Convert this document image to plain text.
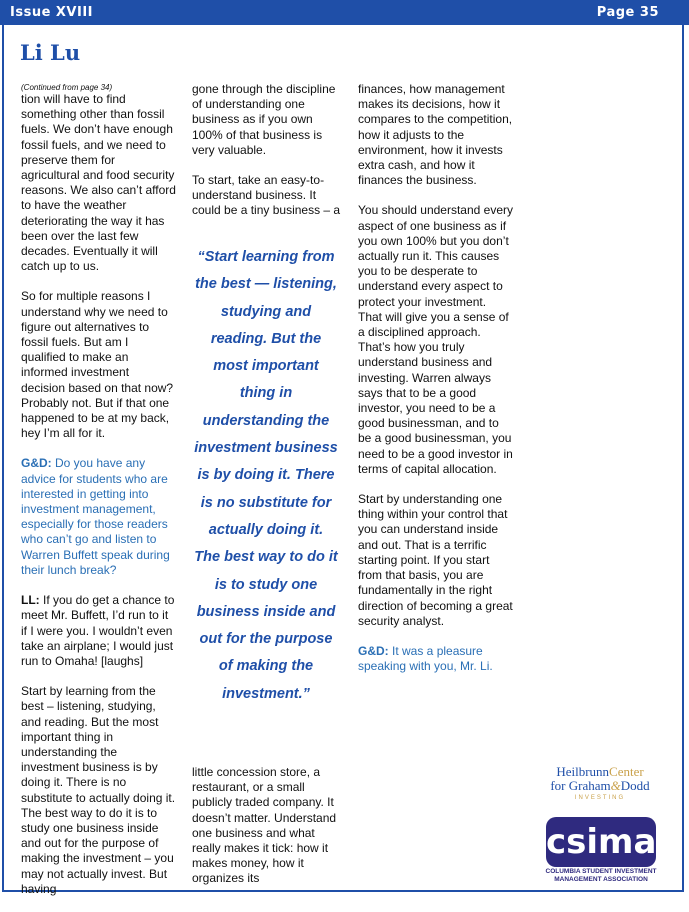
Issue XVIII	Page 35
Li Lu
(Continued from page 34)

tion will have to find something other than fossil fuels. We don’t have enough fossil fuels, and we need to preserve them for agricultural and food security reasons. We also can’t afford to have the weather deteriorating the way it has been over the last few decades. Eventually it will catch up to us.

So for multiple reasons I understand why we need to figure out alternatives to fossil fuels. But am I qualified to make an informed investment decision based on that now? Probably not. But if that one happened to be at my back, hey I’m all for it.

G&D: Do you have any advice for students who are interested in getting into investment management, especially for those readers who can’t go and listen to Warren Buffett speak during their lunch break?

LL: If you do get a chance to meet Mr. Buffett, I’d run to it if I were you. I wouldn’t even take an airplane; I would just run to Omaha! [laughs]

Start by learning from the best – listening, studying, and reading. But the most important thing in understanding the investment business is by doing it. There is no substitute to actually doing it. The best way to do it is to study one business inside and out for the purpose of making the investment – you may not actually invest. But having

gone through the discipline of understanding one business as if you own 100% of that business is very valuable.

To start, take an easy-to-understand business. It could be a tiny business – a

“Start learning from the best — listening, studying and reading. But the most important thing in understanding the investment business is by doing it. There is no substitute for actually doing it. The best way to do it is to study one business inside and out for the purpose of making the investment.”

little concession store, a restaurant, or a small publicly traded company. It doesn’t matter. Understand one business and what really makes it tick: how it makes money, how it organizes its

finances, how management makes its decisions, how it compares to the competition, how it adjusts to the environment, how it invests extra cash, and how it finances the business.

You should understand every aspect of one business as if you own 100% but you don’t actually run it. This causes you to be desperate to understand every aspect to protect your investment. That will give you a sense of a disciplined approach. That’s how you truly understand business and investing. Warren always says that to be a good investor, you need to be a good businessman, and to be a good businessman, you need to be a good investor in terms of capital allocation.

Start by understanding one thing within your control that you can understand inside and out. That is a terrific starting point. If you start from that basis, you are fundamentally in the right direction of becoming a great security analyst.

G&D: It was a pleasure speaking with you, Mr. Li.

HeilbrunnCenter
for Graham&Dodd
INVESTING
csima
COLUMBIA STUDENT INVESTMENT
MANAGEMENT ASSOCIATION
